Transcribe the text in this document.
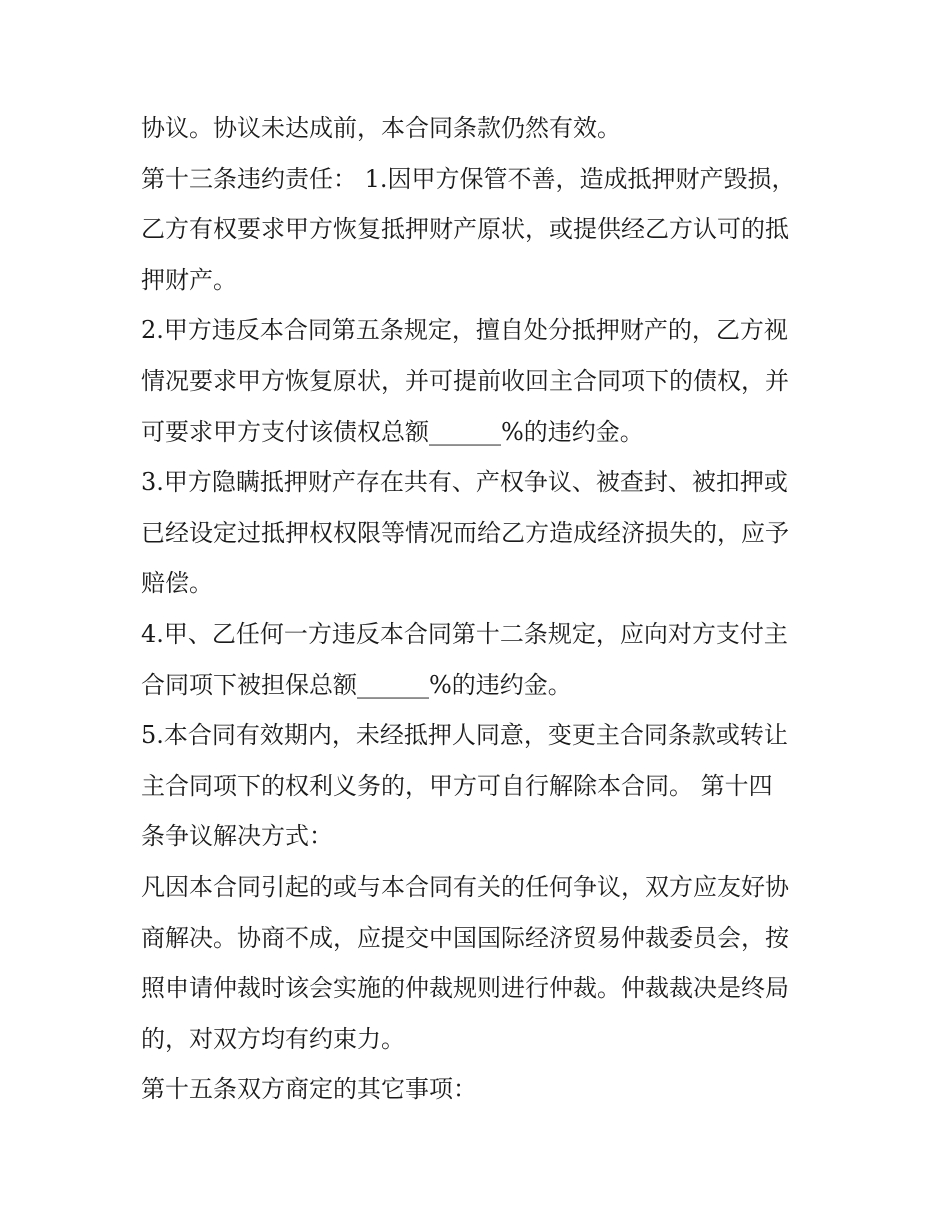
协议。协议未达成前，本合同条款仍然有效。
第十三条违约责任： 1.因甲方保管不善，造成抵押财产毁损，
乙方有权要求甲方恢复抵押财产原状，或提供经乙方认可的抵
押财产。
2.甲方违反本合同第五条规定，擅自处分抵押财产的，乙方视
情况要求甲方恢复原状，并可提前收回主合同项下的债权，并
可要求甲方支付该债权总额______%的违约金。
3.甲方隐瞒抵押财产存在共有、产权争议、被查封、被扣押或
已经设定过抵押权权限等情况而给乙方造成经济损失的，应予
赔偿。
4.甲、乙任何一方违反本合同第十二条规定，应向对方支付主
合同项下被担保总额______%的违约金。
5.本合同有效期内，未经抵押人同意，变更主合同条款或转让
主合同项下的权利义务的，甲方可自行解除本合同。 第十四
条争议解决方式：
凡因本合同引起的或与本合同有关的任何争议，双方应友好协
商解决。协商不成，应提交中国国际经济贸易仲裁委员会，按
照申请仲裁时该会实施的仲裁规则进行仲裁。仲裁裁决是终局
的，对双方均有约束力。
第十五条双方商定的其它事项：
